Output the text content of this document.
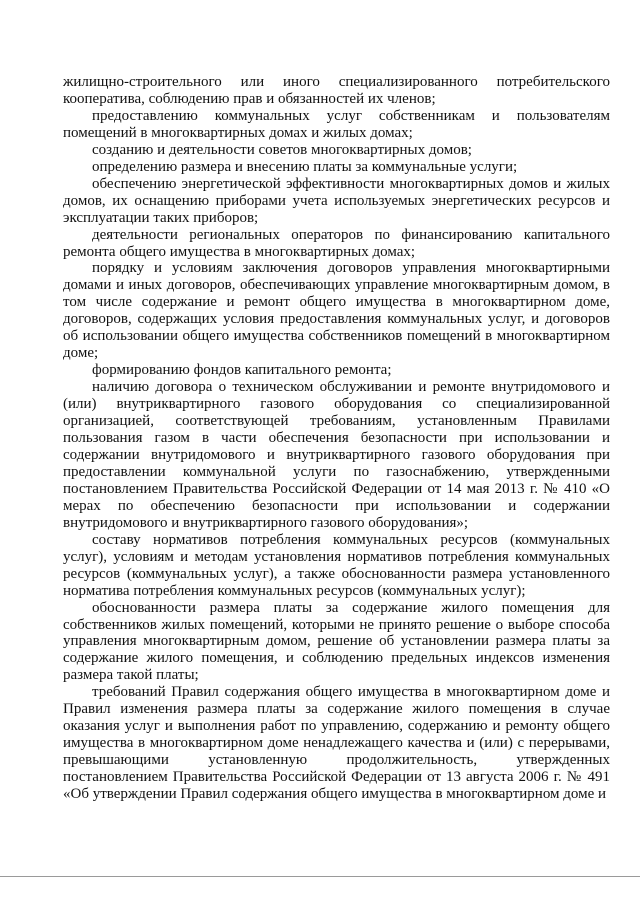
жилищно-строительного или иного специализированного потребительского кооператива, соблюдению прав и обязанностей их членов;

предоставлению коммунальных услуг собственникам и пользователям помещений в многоквартирных домах и жилых домах;

созданию и деятельности советов многоквартирных домов;

определению размера и внесению платы за коммунальные услуги;

обеспечению энергетической эффективности многоквартирных домов и жилых домов, их оснащению приборами учета используемых энергетических ресурсов и эксплуатации таких приборов;

деятельности региональных операторов по финансированию капитального ремонта общего имущества в многоквартирных домах;

порядку и условиям заключения договоров управления многоквартирными домами и иных договоров, обеспечивающих управление многоквартирным домом, в том числе содержание и ремонт общего имущества в многоквартирном доме, договоров, содержащих условия предоставления коммунальных услуг, и договоров об использовании общего имущества собственников помещений в многоквартирном доме;

формированию фондов капитального ремонта;

наличию договора о техническом обслуживании и ремонте внутридомового и (или) внутриквартирного газового оборудования со специализированной организацией, соответствующей требованиям, установленным Правилами пользования газом в части обеспечения безопасности при использовании и содержании внутридомового и внутриквартирного газового оборудования при предоставлении коммунальной услуги по газоснабжению, утвержденными постановлением Правительства Российской Федерации от 14 мая 2013 г. № 410 «О мерах по обеспечению безопасности при использовании и содержании внутридомового и внутриквартирного газового оборудования»;

составу нормативов потребления коммунальных ресурсов (коммунальных услуг), условиям и методам установления нормативов потребления коммунальных ресурсов (коммунальных услуг), а также обоснованности размера установленного норматива потребления коммунальных ресурсов (коммунальных услуг);

обоснованности размера платы за содержание жилого помещения для собственников жилых помещений, которыми не принято решение о выборе способа управления многоквартирным домом, решение об установлении размера платы за содержание жилого помещения, и соблюдению предельных индексов изменения размера такой платы;

требований Правил содержания общего имущества в многоквартирном доме и Правил изменения размера платы за содержание жилого помещения в случае оказания услуг и выполнения работ по управлению, содержанию и ремонту общего имущества в многоквартирном доме ненадлежащего качества и (или) с перерывами, превышающими установленную продолжительность, утвержденных постановлением Правительства Российской Федерации от 13 августа 2006 г. № 491 «Об утверждении Правил содержания общего имущества в многоквартирном доме и
